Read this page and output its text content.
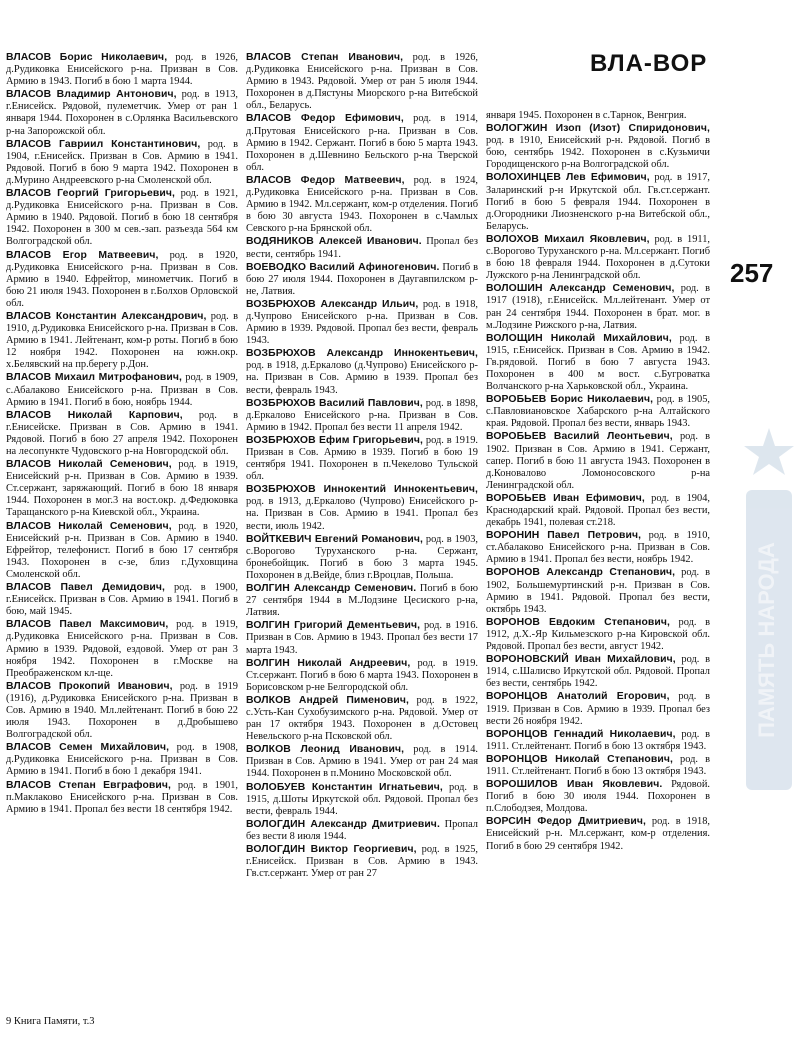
ВЛА-ВОР
257
ПАМЯТЬ НАРОДА

ВЛАСОВ Борис Николаевич, род. в 1926, д.Рудиковка Енисейского р-на. Призван в Сов. Армию в 1943. Погиб в бою 1 марта 1944.

ВЛАСОВ Владимир Антонович, род. в 1913, г.Енисейск. Рядовой, пулеметчик. Умер от ран 1 января 1944. Похоронен в с.Орлянка Васильевского р-на Запорожской обл.

ВЛАСОВ Гавриил Константинович, род. в 1904, г.Енисейск. Призван в Сов. Армию в 1941. Рядовой. Погиб в бою 9 марта 1942. Похоронен в д.Мурино Андреевского р-на Смоленской обл.

ВЛАСОВ Георгий Григорьевич, род. в 1921, д.Рудиковка Енисейского р-на. Призван в Сов. Армию в 1940. Рядовой. Погиб в бою 18 сентября 1942. Похоронен в 300 м сев.-зап. разъезда 564 км Волгоградской обл.

ВЛАСОВ Егор Матвеевич, род. в 1920, д.Рудиковка Енисейского р-на. Призван в Сов. Армию в 1940. Ефрейтор, минометчик. Погиб в бою 21 июля 1943. Похоронен в г.Болхов Орловской обл.

ВЛАСОВ Константин Александрович, род. в 1910, д.Рудиковка Енисейского р-на. Призван в Сов. Армию в 1941. Лейтенант, ком-р роты. Погиб в бою 12 ноября 1942. Похоронен на южн.окр. х.Белявский на пр.берегу р.Дон.

ВЛАСОВ Михаил Митрофанович, род. в 1909, с.Абалаково Енисейского р-на. Призван в Сов. Армию в 1941. Погиб в бою, ноябрь 1944.

ВЛАСОВ Николай Карпович, род. в г.Енисейске. Призван в Сов. Армию в 1941. Рядовой. Погиб в бою 27 апреля 1942. Похоронен на лесопункте Чудовского р-на Новгородской обл.

ВЛАСОВ Николай Семенович, род. в 1919, Енисейский р-н. Призван в Сов. Армию в 1939. Ст.сержант, заряжающий. Погиб в бою 18 января 1944. Похоронен в мог.3 на вост.окр. д.Федюковка Таращанского р-на Киевской обл., Украина.

ВЛАСОВ Николай Семенович, род. в 1920, Енисейский р-н. Призван в Сов. Армию в 1940. Ефрейтор, телефонист. Погиб в бою 17 сентября 1943. Похоронен в с-зе, близ г.Духовщина Смоленской обл.

ВЛАСОВ Павел Демидович, род. в 1900, г.Енисейск. Призван в Сов. Армию в 1941. Погиб в бою, май 1945.

ВЛАСОВ Павел Максимович, род. в 1919, д.Рудиковка Енисейского р-на. Призван в Сов. Армию в 1939. Рядовой, ездовой. Умер от ран 3 ноября 1942. Похоронен в г.Москве на Преображенском кл-ще.

ВЛАСОВ Прокопий Иванович, род. в 1919 (1916), д.Рудиковка Енисейского р-на. Призван в Сов. Армию в 1940. Мл.лейтенант. Погиб в бою 22 июля 1943. Похоронен в д.Дробышево Волгоградской обл.

ВЛАСОВ Семен Михайлович, род. в 1908, д.Рудиковка Енисейского р-на. Призван в Сов. Армию в 1941. Погиб в бою 1 декабря 1941.

ВЛАСОВ Степан Евграфович, род. в 1901, п.Маклаково Енисейского р-на. Призван в Сов. Армию в 1941. Пропал без вести 18 сентября 1942.

ВЛАСОВ Степан Иванович, род. в 1926, д.Рудиковка Енисейского р-на. Призван в Сов. Армию в 1943. Рядовой. Умер от ран 5 июля 1944. Похоронен в д.Пястуны Миорского р-на Витебской обл., Беларусь.

ВЛАСОВ Федор Ефимович, род. в 1914, д.Прутовая Енисейского р-на. Призван в Сов. Армию в 1942. Сержант. Погиб в бою 5 марта 1943. Похоронен в д.Шевнино Бельского р-на Тверской обл.

ВЛАСОВ Федор Матвеевич, род. в 1924, д.Рудиковка Енисейского р-на. Призван в Сов. Армию в 1942. Мл.сержант, ком-р отделения. Погиб в бою 30 августа 1943. Похоронен в с.Чамлых Севского р-на Брянской обл.

ВОДЯНИКОВ Алексей Иванович. Пропал без вести, сентябрь 1941.

ВОЕВОДКО Василий Афиногенович. Погиб в бою 27 июля 1944. Похоронен в Даугавпилском р-не, Латвия.

ВОЗБРЮХОВ Александр Ильич, род. в 1918, д.Чупрово Енисейского р-на. Призван в Сов. Армию в 1939. Рядовой. Пропал без вести, февраль 1943.

ВОЗБРЮХОВ Александр Иннокентьевич, род. в 1918, д.Еркалово (д.Чупрово) Енисейского р-на. Призван в Сов. Армию в 1939. Пропал без вести, февраль 1943.

ВОЗБРЮХОВ Василий Павлович, род. в 1898, д.Еркалово Енисейского р-на. Призван в Сов. Армию в 1942. Пропал без вести 11 апреля 1942.

ВОЗБРЮХОВ Ефим Григорьевич, род. в 1919. Призван в Сов. Армию в 1939. Погиб в бою 19 сентября 1941. Похоронен в п.Чекелово Тульской обл.

ВОЗБРЮХОВ Иннокентий Иннокентьевич, род. в 1913, д.Еркалово (Чупрово) Енисейского р-на. Призван в Сов. Армию в 1941. Пропал без вести, июль 1942.

ВОЙТКЕВИЧ Евгений Романович, род. в 1903, с.Ворогово Туруханского р-на. Сержант, бронебойщик. Погиб в бою 3 марта 1945. Похоронен в д.Вейде, близ г.Вроцлав, Польша.

ВОЛГИН Александр Семенович. Погиб в бою 27 сентября 1944 в М.Лодзине Цесиского р-на, Латвия.

ВОЛГИН Григорий Дементьевич, род. в 1916. Призван в Сов. Армию в 1943. Пропал без вести 17 марта 1943.

ВОЛГИН Николай Андреевич, род. в 1919. Ст.сержант. Погиб в бою 6 марта 1943. Похоронен в Борисовском р-не Белгородской обл.

ВОЛКОВ Андрей Пименович, род. в 1922, с.Усть-Кан Сухобузимского р-на. Рядовой. Умер от ран 17 октября 1943. Похоронен в д.Остовец Невельского р-на Псковской обл.

ВОЛКОВ Леонид Иванович, род. в 1914. Призван в Сов. Армию в 1941. Умер от ран 24 мая 1944. Похоронен в п.Монино Московской обл.

ВОЛОБУЕВ Константин Игнатьевич, род. в 1915, д.Шоты Иркутской обл. Рядовой. Пропал без вести, февраль 1944.

ВОЛОГДИН Александр Дмитриевич. Пропал без вести 8 июля 1944.

ВОЛОГДИН Виктор Георгиевич, род. в 1925, г.Енисейск. Призван в Сов. Армию в 1943. Гв.ст.сержант. Умер от ран 27

января 1945. Похоронен в с.Тарнок, Венгрия.

ВОЛОГЖИН Изоп (Изот) Спиридонович, род. в 1910, Енисейский р-н. Рядовой. Погиб в бою, сентябрь 1942. Похоронен в с.Кузьмичи Городищенского р-на Волгоградской обл.

ВОЛОХИНЦЕВ Лев Ефимович, род. в 1917, Заларинский р-н Иркутской обл. Гв.ст.сержант. Погиб в бою 5 февраля 1944. Похоронен в д.Огородники Лиозненского р-на Витебской обл., Беларусь.

ВОЛОХОВ Михаил Яковлевич, род. в 1911, с.Ворогово Туруханского р-на. Мл.сержант. Погиб в бою 18 февраля 1944. Похоронен в д.Сутоки Лужского р-на Ленинградской обл.

ВОЛОШИН Александр Семенович, род. в 1917 (1918), г.Енисейск. Мл.лейтенант. Умер от ран 24 сентября 1944. Похоронен в брат. мог. в м.Лодзине Рижского р-на, Латвия.

ВОЛОЩИН Николай Михайлович, род. в 1915, г.Енисейск. Призван в Сов. Армию в 1942. Гв.рядовой. Погиб в бою 7 августа 1943. Похоронен в 400 м вост. с.Бугроватка Волчанского р-на Харьковской обл., Украина.

ВОРОБЬЕВ Борис Николаевич, род. в 1905, с.Павловиановское Хабарского р-на Алтайского края. Рядовой. Пропал без вести, январь 1943.

ВОРОБЬЕВ Василий Леонтьевич, род. в 1902. Призван в Сов. Армию в 1941. Сержант, сапер. Погиб в бою 11 августа 1943. Похоронен в д.Коновалово Ломоносовского р-на Ленинградской обл.

ВОРОБЬЕВ Иван Ефимович, род. в 1904, Краснодарский край. Рядовой. Пропал без вести, декабрь 1941, полевая ст.218.

ВОРОНИН Павел Петрович, род. в 1910, ст.Абалаково Енисейского р-на. Призван в Сов. Армию в 1941. Пропал без вести, ноябрь 1942.

ВОРОНОВ Александр Степанович, род. в 1902, Большемуртинский р-н. Призван в Сов. Армию в 1941. Рядовой. Пропал без вести, октябрь 1943.

ВОРОНОВ Евдоким Степанович, род. в 1912, д.Х.-Яр Кильмезского р-на Кировской обл. Рядовой. Пропал без вести, август 1942.

ВОРОНОВСКИЙ Иван Михайлович, род. в 1914, с.Шалисво Иркутской обл. Рядовой. Пропал без вести, сентябрь 1942.

ВОРОНЦОВ Анатолий Егорович, род. в 1919. Призван в Сов. Армию в 1939. Пропал без вести 26 ноября 1942.

ВОРОНЦОВ Геннадий Николаевич, род. в 1911. Ст.лейтенант. Погиб в бою 13 октября 1943.

ВОРОНЦОВ Николай Степанович, род. в 1911. Ст.лейтенант. Погиб в бою 13 октября 1943.

ВОРОШИЛОВ Иван Яковлевич. Рядовой. Погиб в бою 30 июля 1944. Похоронен в п.Слободзея, Молдова.

ВОРСИН Федор Дмитриевич, род. в 1918, Енисейский р-н. Мл.сержант, ком-р отделения. Погиб в бою 29 сентября 1942.

9 Книга Памяти, т.3
